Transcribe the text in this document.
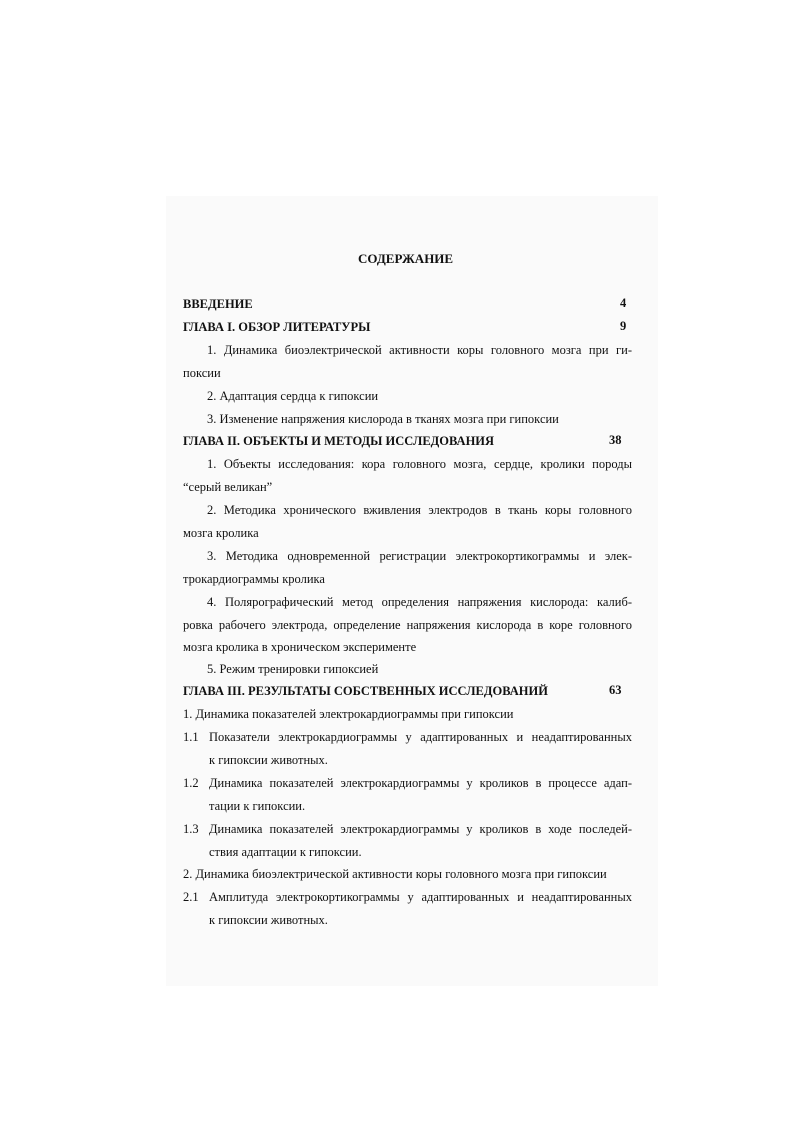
СОДЕРЖАНИЕ
ВВЕДЕНИЕ	4
ГЛАВА I. ОБЗОР ЛИТЕРАТУРЫ	9
1. Динамика биоэлектрической активности коры головного мозга при ги-
поксии
2. Адаптация сердца к гипоксии
3. Изменение напряжения кислорода в тканях мозга при гипоксии
ГЛАВА II. ОБЪЕКТЫ И МЕТОДЫ ИССЛЕДОВАНИЯ	38
1. Объекты исследования: кора головного мозга, сердце, кролики породы
“серый великан”
2. Методика хронического вживления электродов в ткань коры головного
мозга кролика
3. Методика одновременной регистрации электрокортикограммы и элек-
трокардиограммы кролика
4. Полярографический метод определения напряжения кислорода: калиб-
ровка рабочего электрода, определение напряжения кислорода в коре головного
мозга кролика в хроническом эксперименте
5. Режим тренировки гипоксией
ГЛАВА III. РЕЗУЛЬТАТЫ СОБСТВЕННЫХ ИССЛЕДОВАНИЙ	63
1. Динамика показателей электрокардиограммы при гипоксии
1.1 Показатели электрокардиограммы у адаптированных и неадаптированных
к гипоксии животных.
1.2 Динамика показателей электрокардиограммы у кроликов в процессе адап-
тации к гипоксии.
1.3 Динамика показателей электрокардиограммы у кроликов в ходе последей-
ствия адаптации к гипоксии.
2. Динамика биоэлектрической активности коры головного мозга при гипоксии
2.1 Амплитуда электрокортикограммы у адаптированных и неадаптированных
к гипоксии животных.
